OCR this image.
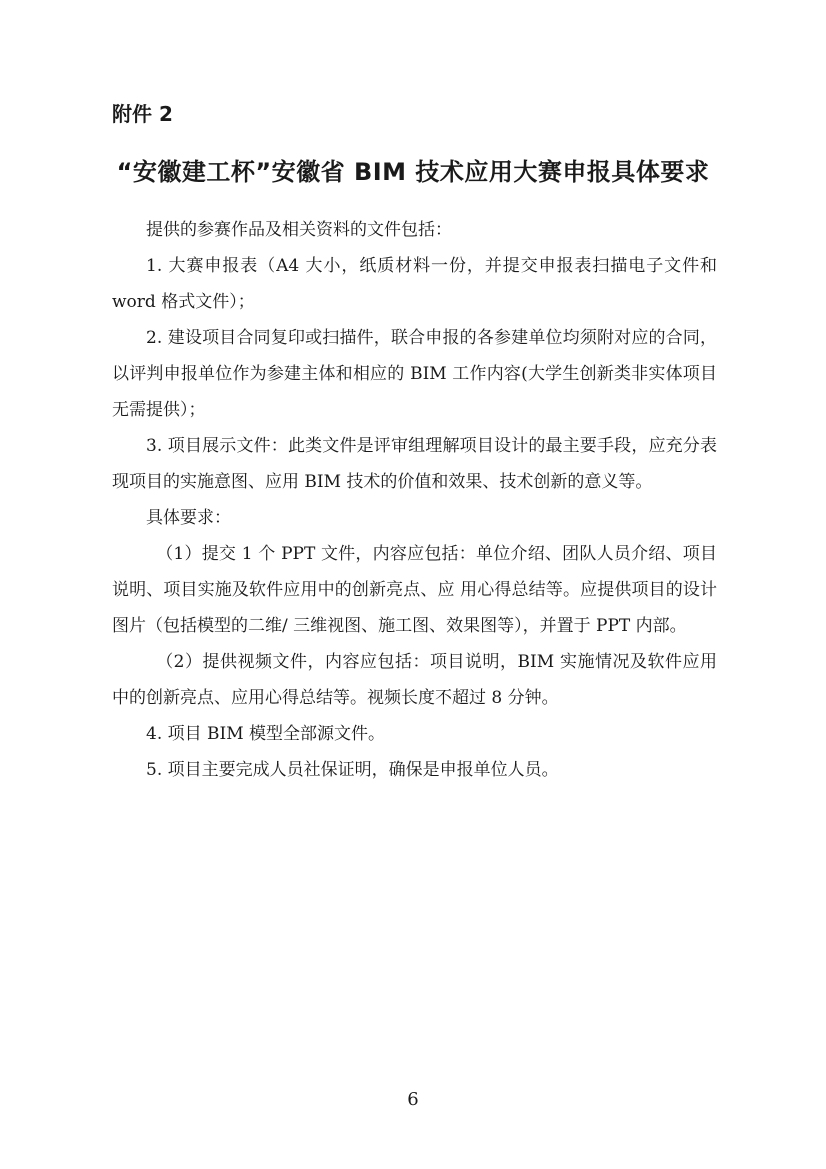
附件 2
“安徽建工杯”安徽省 BIM 技术应用大赛申报具体要求

提供的参赛作品及相关资料的文件包括：

1. 大赛申报表（A4 大小，纸质材料一份，并提交申报表扫描电子文件和 word 格式文件）；

2. 建设项目合同复印或扫描件，联合申报的各参建单位均须附对应的合同，以评判申报单位作为参建主体和相应的 BIM 工作内容(大学生创新类非实体项目无需提供）；

3. 项目展示文件：此类文件是评审组理解项目设计的最主要手段，应充分表现项目的实施意图、应用 BIM 技术的价值和效果、技术创新的意义等。

具体要求：

（1）提交 1 个 PPT 文件，内容应包括：单位介绍、团队人员介绍、项目说明、项目实施及软件应用中的创新亮点、应 用心得总结等。应提供项目的设计图片（包括模型的二维/ 三维视图、施工图、效果图等），并置于 PPT 内部。

（2）提供视频文件，内容应包括：项目说明，BIM 实施情况及软件应用中的创新亮点、应用心得总结等。视频长度不超过 8 分钟。

4. 项目 BIM 模型全部源文件。

5. 项目主要完成人员社保证明，确保是申报单位人员。

6
